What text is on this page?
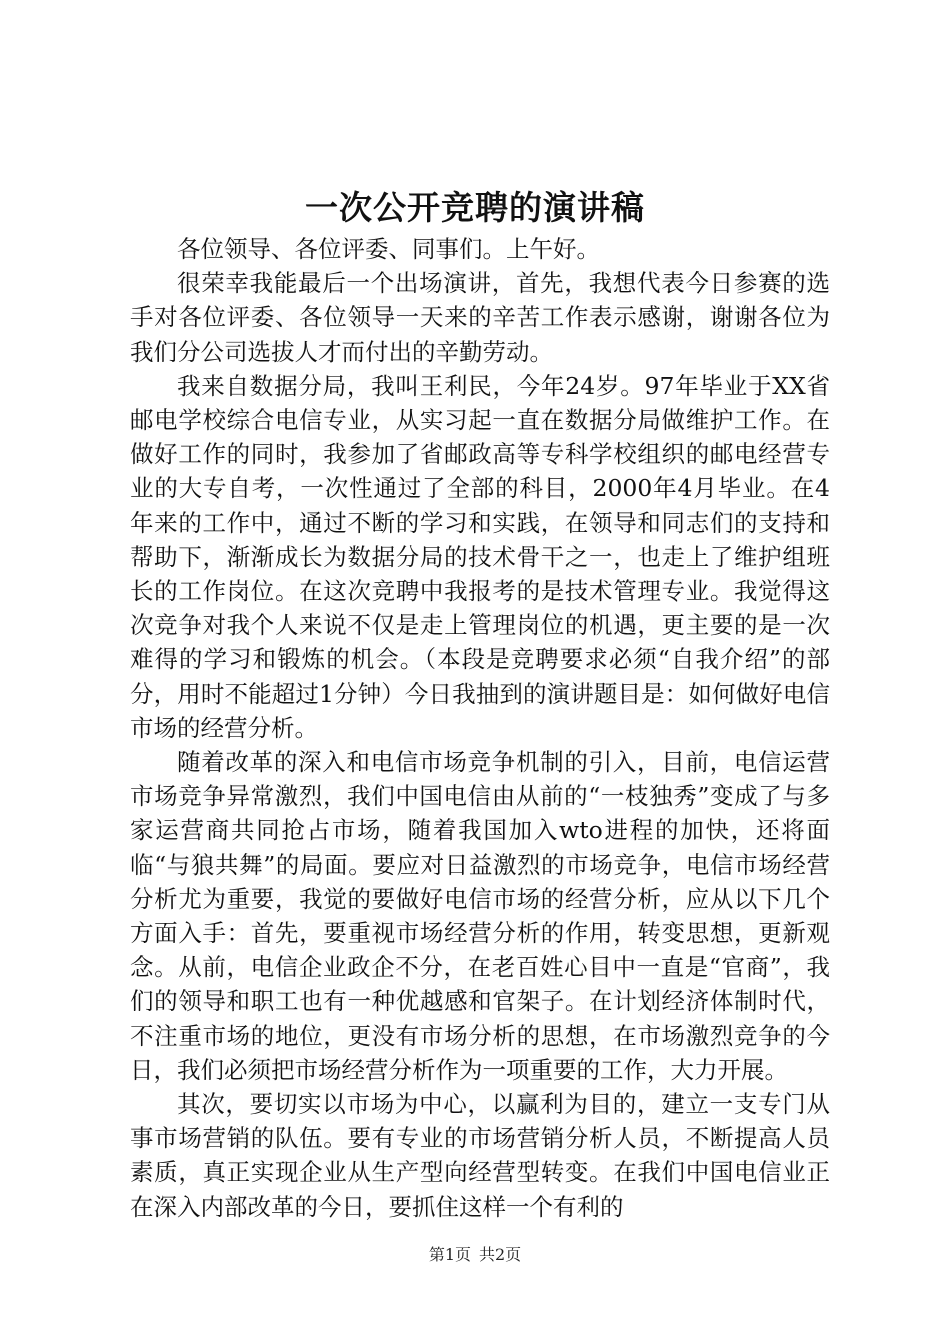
一次公开竞聘的演讲稿

各位领导、各位评委、同事们。上午好。

很荣幸我能最后一个出场演讲，首先，我想代表今日参赛的选手对各位评委、各位领导一天来的辛苦工作表示感谢，谢谢各位为我们分公司选拔人才而付出的辛勤劳动。

我来自数据分局，我叫王利民，今年24岁。97年毕业于XX省邮电学校综合电信专业，从实习起一直在数据分局做维护工作。在做好工作的同时，我参加了省邮政高等专科学校组织的邮电经营专业的大专自考，一次性通过了全部的科目，2000年4月毕业。在4年来的工作中，通过不断的学习和实践，在领导和同志们的支持和帮助下，渐渐成长为数据分局的技术骨干之一，也走上了维护组班长的工作岗位。在这次竞聘中我报考的是技术管理专业。我觉得这次竞争对我个人来说不仅是走上管理岗位的机遇，更主要的是一次难得的学习和锻炼的机会。（本段是竞聘要求必须“自我介绍”的部分，用时不能超过1分钟）今日我抽到的演讲题目是：如何做好电信市场的经营分析。

随着改革的深入和电信市场竞争机制的引入，目前，电信运营市场竞争异常激烈，我们中国电信由从前的“一枝独秀”变成了与多家运营商共同抢占市场，随着我国加入wto进程的加快，还将面临“与狼共舞”的局面。要应对日益激烈的市场竞争，电信市场经营分析尤为重要，我觉的要做好电信市场的经营分析，应从以下几个方面入手：首先，要重视市场经营分析的作用，转变思想，更新观念。从前，电信企业政企不分，在老百姓心目中一直是“官商”，我们的领导和职工也有一种优越感和官架子。在计划经济体制时代，不注重市场的地位，更没有市场分析的思想，在市场激烈竞争的今日，我们必须把市场经营分析作为一项重要的工作，大力开展。

其次，要切实以市场为中心，以赢利为目的，建立一支专门从事市场营销的队伍。要有专业的市场营销分析人员，不断提高人员素质，真正实现企业从生产型向经营型转变。在我们中国电信业正在深入内部改革的今日，要抓住这样一个有利的

第1页 共2页
